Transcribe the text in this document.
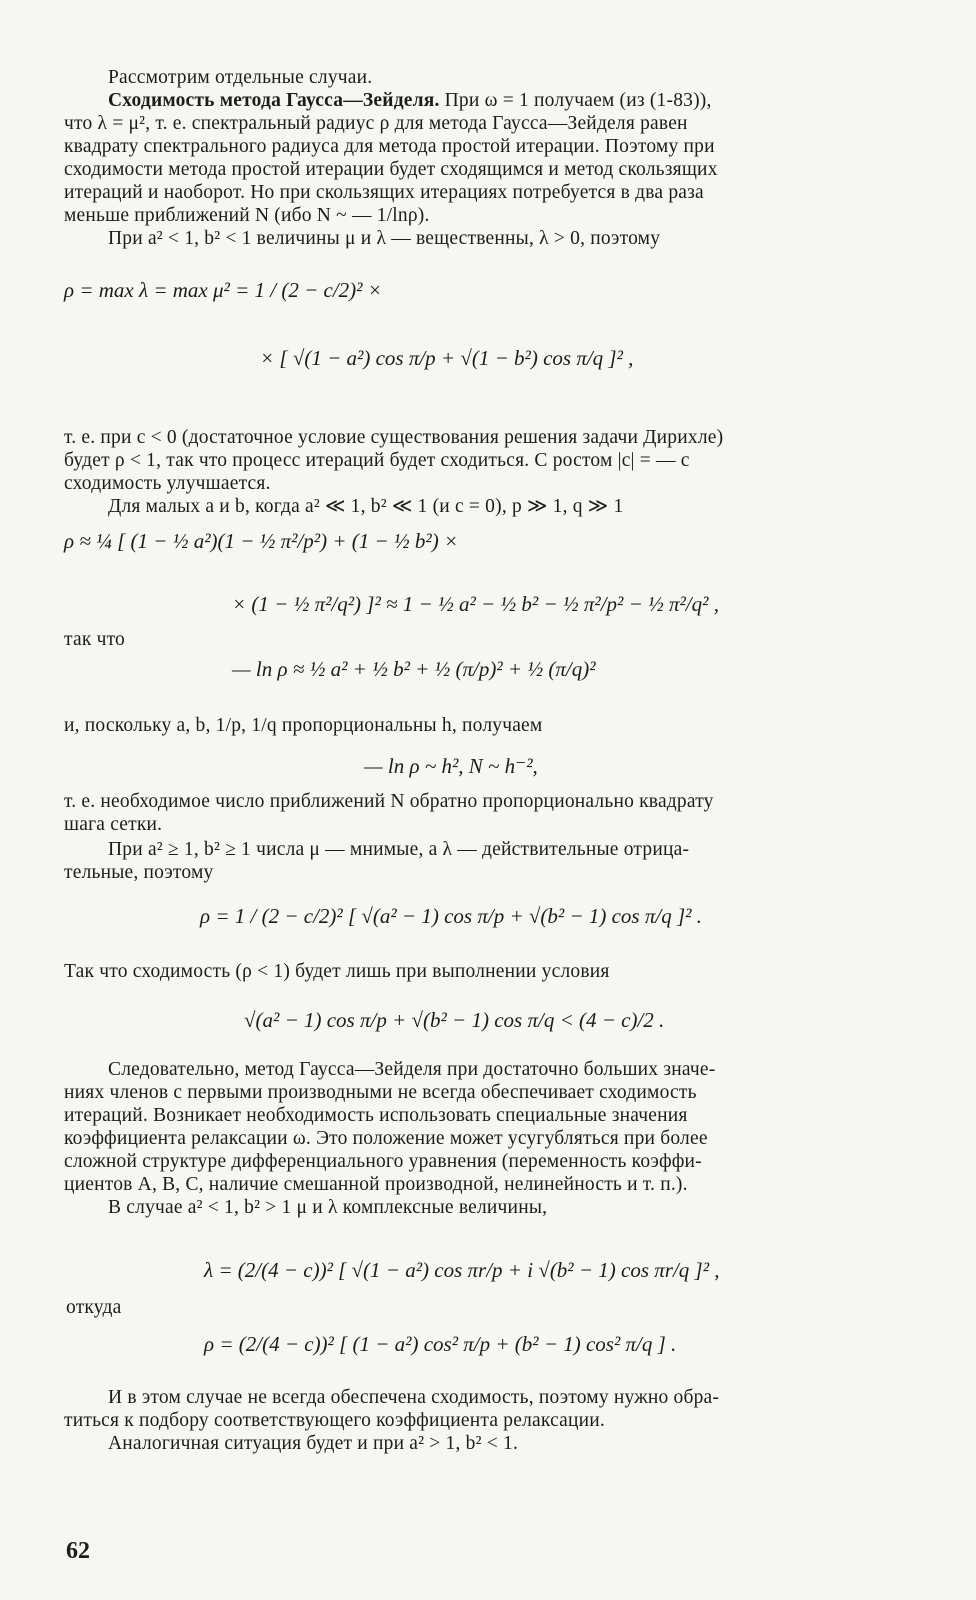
Рассмотрим отдельные случаи.
Сходимость метода Гаусса—Зейделя. При ω = 1 получаем (из (1-83)),
что λ = μ², т. е. спектральный радиус ρ для метода Гаусса—Зейделя равен
квадрату спектрального радиуса для метода простой итерации. Поэтому при
сходимости метода простой итерации будет сходящимся и метод скользящих
итераций и наоборот. Но при скользящих итерациях потребуется в два раза
меньше приближений N (ибо N ~ — 1/lnρ).
При a² < 1, b² < 1 величины μ и λ — вещественны, λ > 0, поэтому
т. е. при c < 0 (достаточное условие существования решения задачи Дирихле)
будет ρ < 1, так что процесс итераций будет сходиться. С ростом |c| = — c
сходимость улучшается.
Для малых a и b, когда a² ≪ 1, b² ≪ 1 (и c = 0), p ≫ 1, q ≫ 1
так что
и, поскольку a, b, 1/p, 1/q пропорциональны h, получаем
т. е. необходимое число приближений N обратно пропорционально квадрату
шага сетки.
При a² ≥ 1, b² ≥ 1 числа μ — мнимые, а λ — действительные отрица-
тельные, поэтому
Так что сходимость (ρ < 1) будет лишь при выполнении условия
Следовательно, метод Гаусса—Зейделя при достаточно больших значе-
ниях членов с первыми производными не всегда обеспечивает сходимость
итераций. Возникает необходимость использовать специальные значения
коэффициента релаксации ω. Это положение может усугубляться при более
сложной структуре дифференциального уравнения (переменность коэффи-
циентов A, B, C, наличие смешанной производной, нелинейность и т. п.).
В случае a² < 1, b² > 1 μ и λ комплексные величины,
откуда
И в этом случае не всегда обеспечена сходимость, поэтому нужно обра-
титься к подбору соответствующего коэффициента релаксации.
Аналогичная ситуация будет и при a² > 1, b² < 1.
ρ = max λ = max μ² = 1 / (2 − c/2)² ×
× [ √(1 − a²) cos π/p + √(1 − b²) cos π/q ]² ,
ρ ≈ ¼ [ (1 − ½ a²)(1 − ½ π²/p²) + (1 − ½ b²) ×
× (1 − ½ π²/q²) ]² ≈ 1 − ½ a² − ½ b² − ½ π²/p² − ½ π²/q² ,
— ln ρ ≈ ½ a² + ½ b² + ½ (π/p)² + ½ (π/q)²
— ln ρ ~ h², N ~ h⁻²,
ρ = 1 / (2 − c/2)² [ √(a² − 1) cos π/p + √(b² − 1) cos π/q ]² .
√(a² − 1) cos π/p + √(b² − 1) cos π/q < (4 − c)/2 .
λ = (2/(4 − c))² [ √(1 − a²) cos πr/p + i √(b² − 1) cos πr/q ]² ,
ρ = (2/(4 − c))² [ (1 − a²) cos² π/p + (b² − 1) cos² π/q ] .
62
